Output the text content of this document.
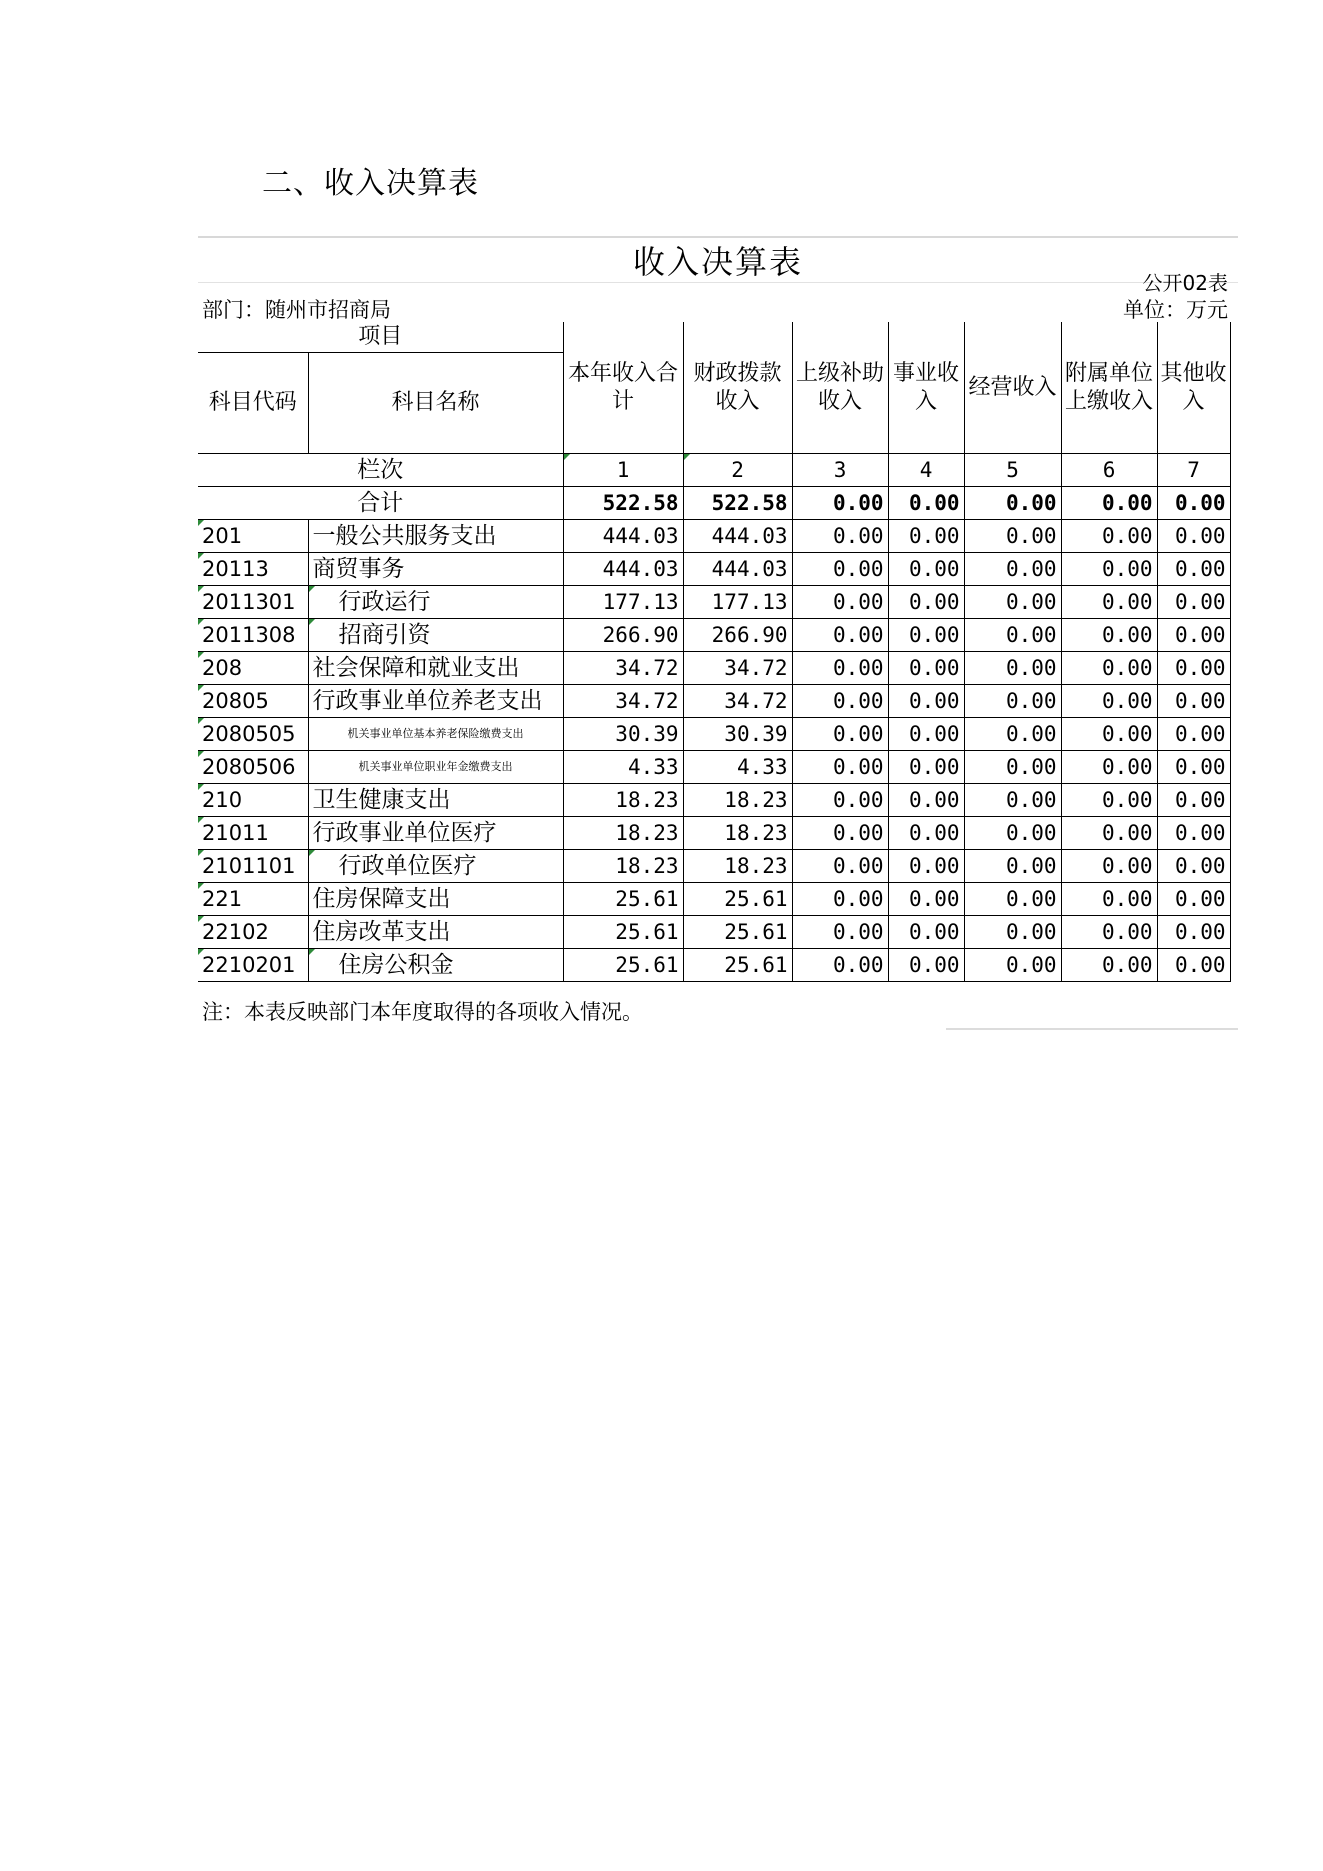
二、收入决算表
收入决算表
公开02表
部门：随州市招商局	单位：万元
项目		本年收入合计	财政拨款收入	上级补助收入	事业收入	经营收入	附属单位上缴收入	其他收入
科目代码	科目名称							
栏次		1	2	3	4	5	6	7
合计		522.58	522.58	0.00	0.00	0.00	0.00	0.00
201	一般公共服务支出	444.03	444.03	0.00	0.00	0.00	0.00	0.00
20113	商贸事务	444.03	444.03	0.00	0.00	0.00	0.00	0.00
2011301	行政运行	177.13	177.13	0.00	0.00	0.00	0.00	0.00
2011308	招商引资	266.90	266.90	0.00	0.00	0.00	0.00	0.00
208	社会保障和就业支出	34.72	34.72	0.00	0.00	0.00	0.00	0.00
20805	行政事业单位养老支出	34.72	34.72	0.00	0.00	0.00	0.00	0.00
2080505	机关事业单位基本养老保险缴费支出	30.39	30.39	0.00	0.00	0.00	0.00	0.00
2080506	机关事业单位职业年金缴费支出	4.33	4.33	0.00	0.00	0.00	0.00	0.00
210	卫生健康支出	18.23	18.23	0.00	0.00	0.00	0.00	0.00
21011	行政事业单位医疗	18.23	18.23	0.00	0.00	0.00	0.00	0.00
2101101	行政单位医疗	18.23	18.23	0.00	0.00	0.00	0.00	0.00
221	住房保障支出	25.61	25.61	0.00	0.00	0.00	0.00	0.00
22102	住房改革支出	25.61	25.61	0.00	0.00	0.00	0.00	0.00
2210201	住房公积金	25.61	25.61	0.00	0.00	0.00	0.00	0.00
注：本表反映部门本年度取得的各项收入情况。
